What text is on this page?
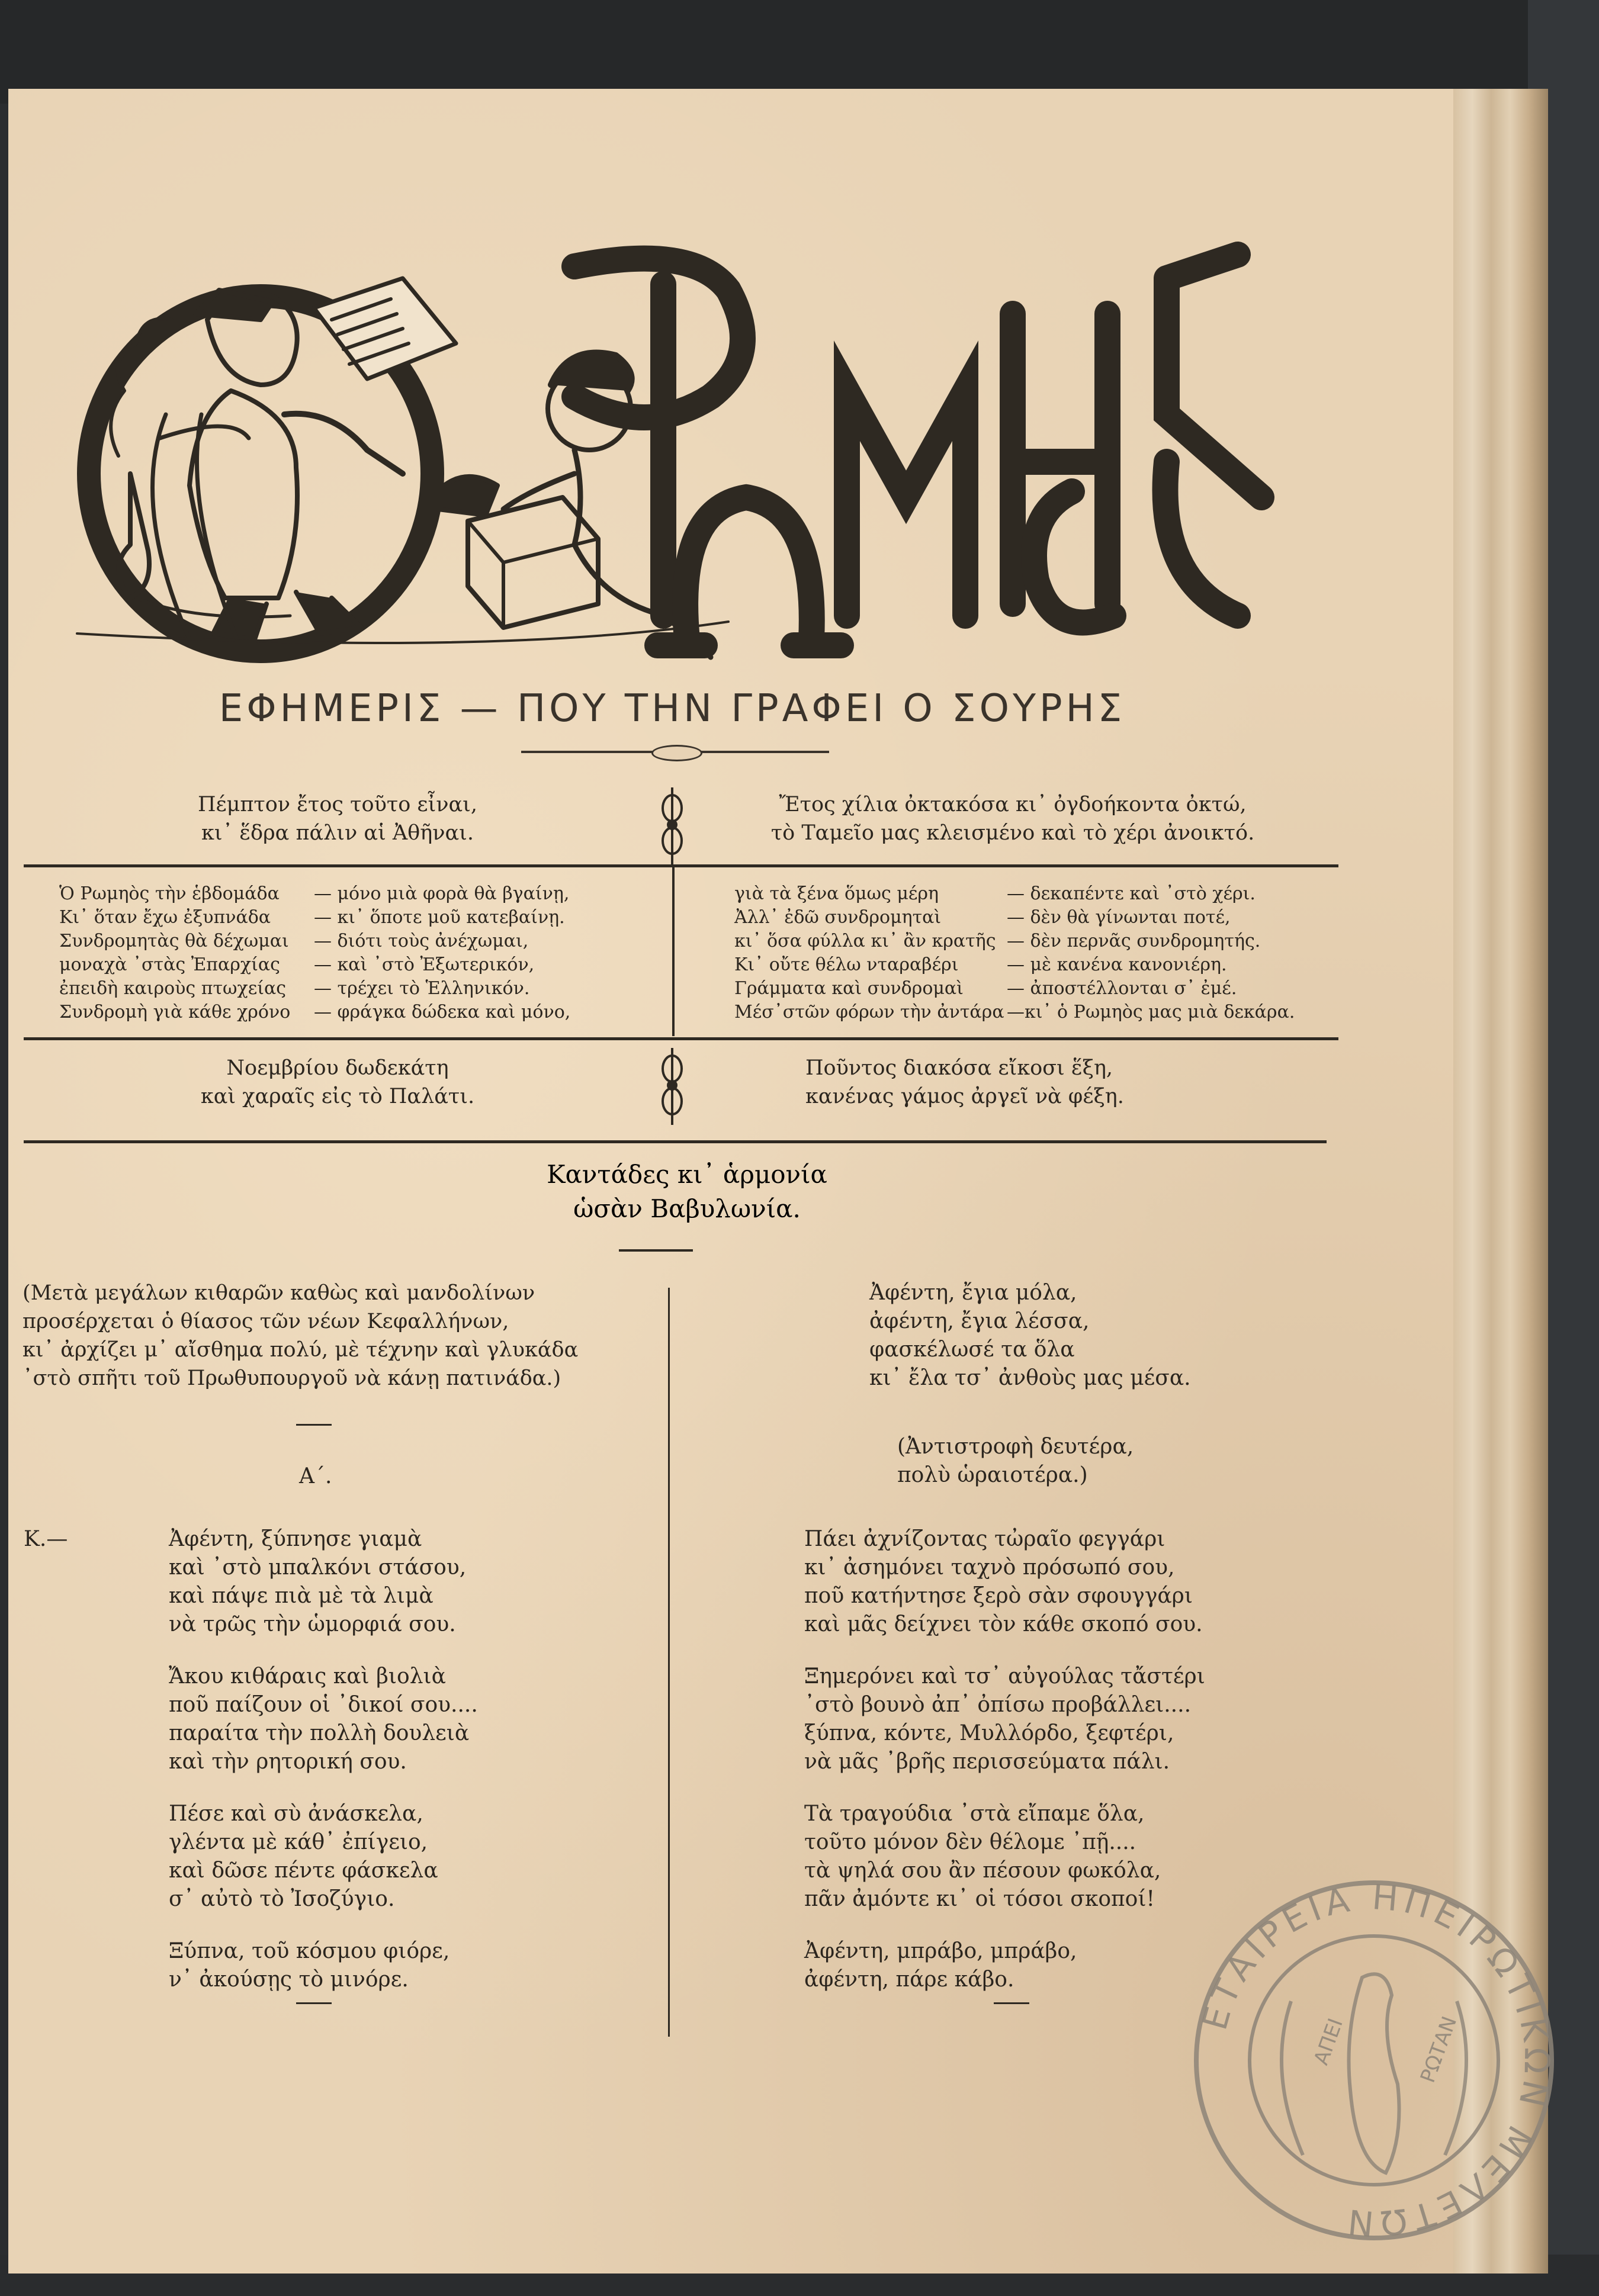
ΕΦΗΜΕΡΙΣ — ΠΟΥ ΤΗΝ ΓΡΑΦΕΙ Ο ΣΟΥΡΗΣ
Πέμπτον ἔτος τοῦτο εἶναι,
κι᾽ ἕδρα πάλιν αἱ Ἀθῆναι.
Ἔτος χίλια ὀκτακόσα κι᾽ ὀγδοήκοντα ὀκτώ,
τὸ Ταμεῖο μας κλεισμένο καὶ τὸ χέρι ἀνοικτό.
Ὁ Ρωμηὸς τὴν ἑβδομάδα	— μόνο μιὰ φορὰ θὰ βγαίνῃ,
Κι᾽ ὅταν ἔχω ἐξυπνάδα	— κι᾽ ὅποτε μοῦ κατεβαίνῃ.
Συνδρομητὰς θὰ δέχωμαι	— διότι τοὺς ἀνέχωμαι,
μοναχὰ ᾽στὰς Ἐπαρχίας	— καὶ ᾽στὸ Ἐξωτερικόν,
ἐπειδὴ καιροὺς πτωχείας	— τρέχει τὸ Ἑλληνικόν.
Συνδρομὴ γιὰ κάθε χρόνο	— φράγκα δώδεκα καὶ μόνο,
γιὰ τὰ ξένα ὅμως μέρη	— δεκαπέντε καὶ ᾽στὸ χέρι.
Ἀλλ᾽ ἐδῶ συνδρομηταὶ	— δὲν θὰ γίνωνται ποτέ,
κι᾽ ὅσα φύλλα κι᾽ ἂν κρατῆς — δὲν περνᾶς συνδρομητής.
Κι᾽ οὔτε θέλω νταραβέρι	— μὲ κανένα κανονιέρη.
Γράμματα καὶ συνδρομαὶ	— ἀποστέλλονται σ᾽ ἐμέ.
Μέσ᾽στῶν φόρων τὴν ἀντάρα —κι᾽ ὁ Ρωμηὸς μας μιὰ δεκάρα.
Νοεμβρίου δωδεκάτη
καὶ χαραῖς εἰς τὸ Παλάτι.
Ποῦντος διακόσα εἴκοσι ἕξη,
κανένας γάμος ἀργεῖ νὰ φέξη.
Καντάδες κι᾽ ἁρμονία
ὡσὰν Βαβυλωνία.
(Μετὰ μεγάλων κιθαρῶν καθὼς καὶ μανδολίνων
προσέρχεται ὁ θίασος τῶν νέων Κεφαλλήνων,
κι᾽ ἀρχίζει μ᾽ αἴσθημα πολύ, μὲ τέχνην καὶ γλυκάδα
᾽στὸ σπῆτι τοῦ Πρωθυπουργοῦ νὰ κάνῃ πατινάδα.)
Α΄.
Κ.—	Ἀφέντη, ξύπνησε γιαμὰ
καὶ ᾽στὸ μπαλκόνι στάσου,
καὶ πάψε πιὰ μὲ τὰ λιμὰ
νὰ τρῶς τὴν ὡμορφιά σου.
Ἄκου κιθάραις καὶ βιολιὰ
ποῦ παίζουν οἱ ᾽δικοί σου....
παραίτα τὴν πολλὴ δουλειὰ
καὶ τὴν ρητορική σου.
Πέσε καὶ σὺ ἀνάσκελα,
γλέντα μὲ κάθ᾽ ἐπίγειο,
καὶ δῶσε πέντε φάσκελα
σ᾽ αὐτὸ τὸ Ἰσοζύγιο.
Ξύπνα, τοῦ κόσμου φιόρε,
ν᾽ ἀκούσῃς τὸ μινόρε.
Ἀφέντη, ἔγια μόλα,
ἀφέντη, ἔγια λέσσα,
φασκέλωσέ τα ὅλα
κι᾽ ἔλα τσ᾽ ἀνθοὺς μας μέσα.
(Ἀντιστροφὴ δευτέρα,
πολὺ ὡραιοτέρα.)
Πάει ἀχνίζοντας τὠραῖο φεγγάρι
κι᾽ ἀσημόνει ταχνὸ πρόσωπό σου,
ποῦ κατήντησε ξερὸ σὰν σφουγγάρι
καὶ μᾶς δείχνει τὸν κάθε σκοπό σου.
Ξημερόνει καὶ τσ᾽ αὐγούλας τἄστέρι
᾽στὸ βουνὸ ἀπ᾽ ὀπίσω προβάλλει....
ξύπνα, κόντε, Μυλλόρδο, ξεφτέρι,
νὰ μᾶς ᾽βρῆς περισσεύματα πάλι.
Τὰ τραγούδια ᾽στὰ εἴπαμε ὅλα,
τοῦτο μόνον δὲν θέλομε ᾽πῇ....
τὰ ψηλά σου ἂν πέσουν φωκόλα,
πᾶν ἀμόντε κι᾽ οἱ τόσοι σκοποί!
Ἀφέντη, μπράβο, μπράβο,
ἀφέντη, πάρε κάβο.
ΕΤΑΙΡΕΙΑ ΗΠΕΙΡΩΤΙΚΩΝ ΜΕΛΕΤΩΝ
ΑΠΕΙ	ΡΩΤΑΝ
